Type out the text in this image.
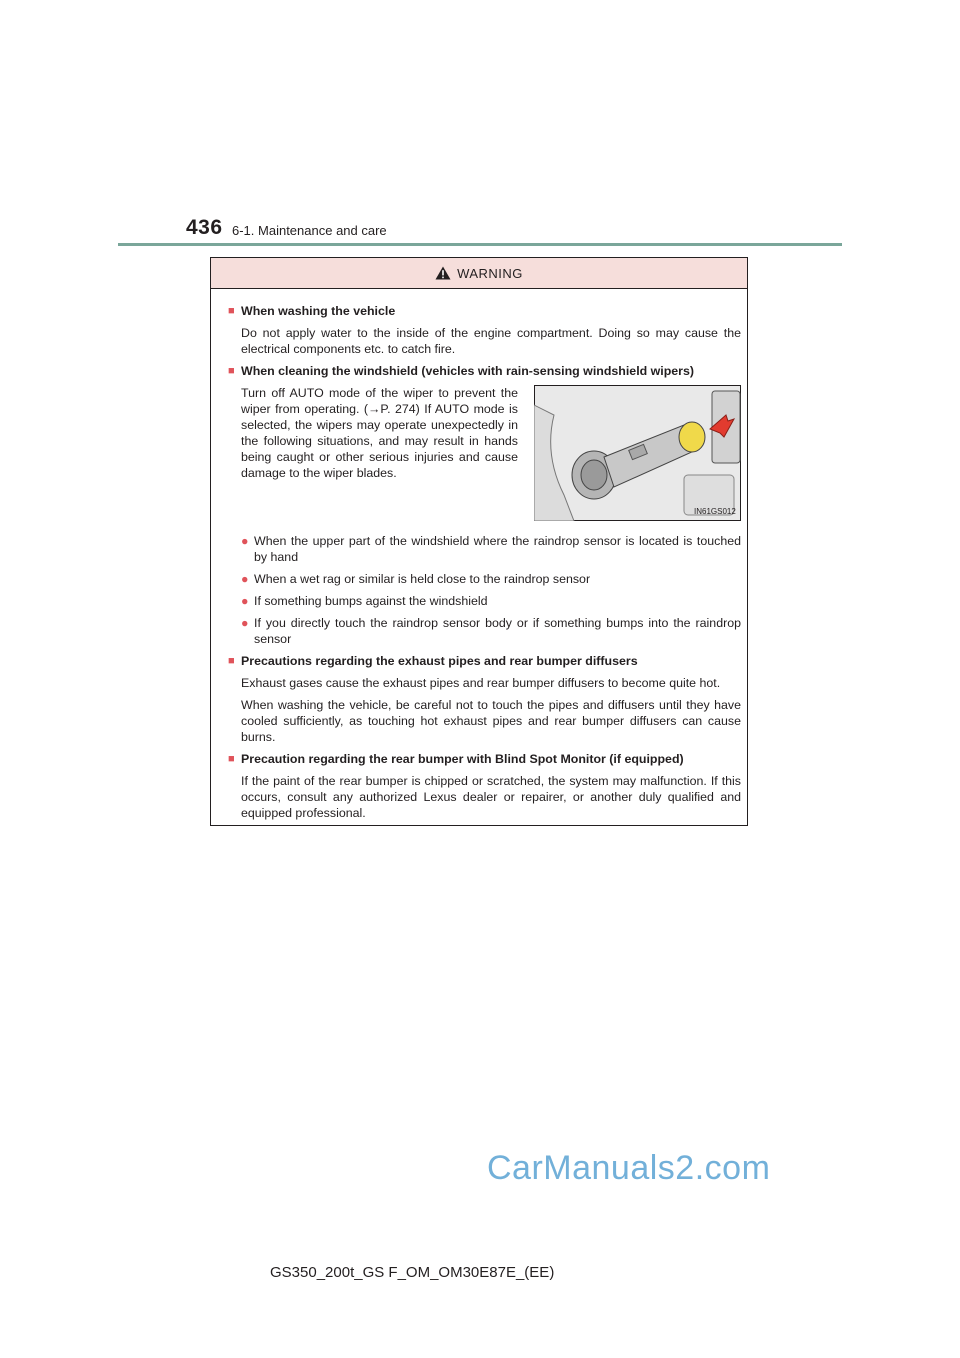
436 6-1. Maintenance and care
WARNING
■ When washing the vehicle
Do not apply water to the inside of the engine compartment. Doing so may cause the electrical components etc. to catch fire.
■ When cleaning the windshield (vehicles with rain-sensing windshield wipers)
Turn off AUTO mode of the wiper to prevent the wiper from operating. (→P. 274) If AUTO mode is selected, the wipers may operate unexpectedly in the following situations, and may result in hands being caught or other serious injuries and cause damage to the wiper blades.
IN61GS012
● When the upper part of the windshield where the raindrop sensor is located is touched by hand
● When a wet rag or similar is held close to the raindrop sensor
● If something bumps against the windshield
● If you directly touch the raindrop sensor body or if something bumps into the raindrop sensor
■ Precautions regarding the exhaust pipes and rear bumper diffusers
Exhaust gases cause the exhaust pipes and rear bumper diffusers to become quite hot.
When washing the vehicle, be careful not to touch the pipes and diffusers until they have cooled sufficiently, as touching hot exhaust pipes and rear bumper diffusers can cause burns.
■ Precaution regarding the rear bumper with Blind Spot Monitor (if equipped)
If the paint of the rear bumper is chipped or scratched, the system may malfunction. If this occurs, consult any authorized Lexus dealer or repairer, or another duly qualified and equipped professional.
CarManuals2.com
GS350_200t_GS F_OM_OM30E87E_(EE)
